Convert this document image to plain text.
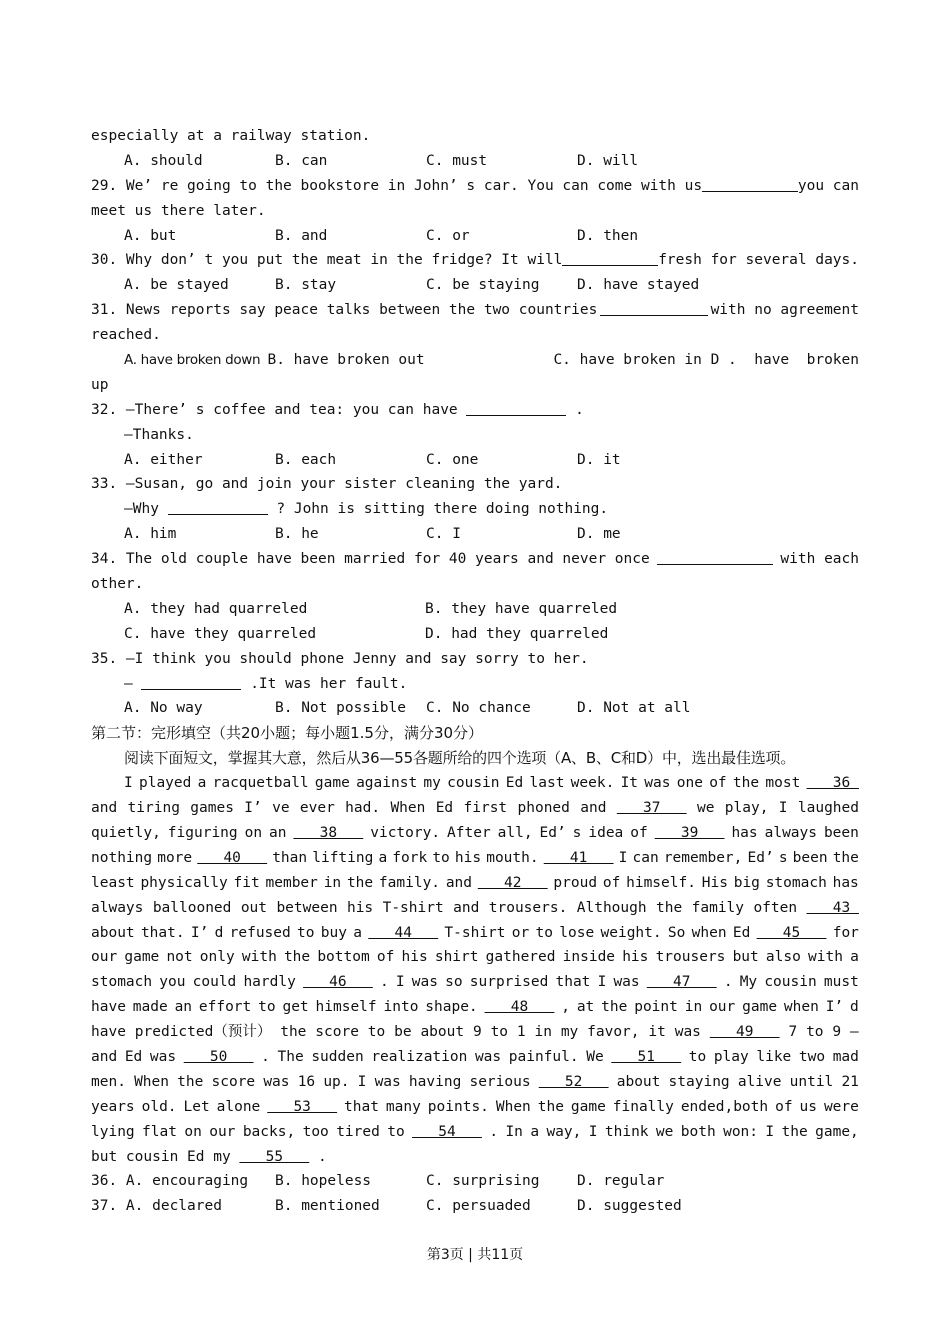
especially at a railway station.
A. should	B. can	C. must	D. will
29. We’ re going to the bookstore in John’ s car. You can come with us	you can
meet us there later.
A. but	B. and	C. or	D. then
30. Why don’ t you put the meat in the fridge? It will	fresh for several days.
A. be stayed	B. stay	C. be staying	D. have stayed
31. News reports say peace talks between the two countries	with no agreement
reached.
A. have broken down B. have broken out	C. have broken in D .  have  broken
up
32. —There’ s coffee and tea: you can have	.
—Thanks.
A. either	B. each	C. one	D. it
33. —Susan, go and join your sister cleaning the yard.
—Why	? John is sitting there doing nothing.
A. him	B. he	C. I	D. me
34. The old couple have been married for 40 years and never once	with each
other.
A. they had quarreled	B. they have quarreled
C. have they quarreled	D. had they quarreled
35. —I think you should phone Jenny and say sorry to her.
—	.It was her fault.
A. No way	B. Not possible	C. No chance	D. Not at all
第二节：完形填空（共20小题；每小题1.5分，满分30分）
阅读下面短文，掌握其大意，然后从36—55各题所给的四个选项（A、B、C和D）中，选出最佳选项。
I played a racquetball game against my cousin Ed last week. It was one of the most 36
and tiring games I’ ve ever had. When Ed first phoned and 37 we play, I laughed
quietly, figuring on an 38 victory. After all, Ed’ s idea of 39 has always been
nothing more 40 than lifting a fork to his mouth. 41 I can remember, Ed’ s been the
least physically fit member in the family. and 42 proud of himself. His big stomach has
always ballooned out between his T-shirt and trousers. Although the family often 43
about that. I’ d refused to buy a 44 T-shirt or to lose weight. So when Ed 45 for
our game not only with the bottom of his shirt gathered inside his trousers but also with a
stomach you could hardly 46 . I was so surprised that I was 47 . My cousin must
have made an effort to get himself into shape. 48 , at the point in our game when I’ d
have predicted（预计） the score to be about 9 to 1 in my favor, it was 49 7 to 9 —
and Ed was 50 . The sudden realization was painful. We 51 to play like two mad
men. When the score was 16 up. I was having serious 52 about staying alive until 21
years old. Let alone 53 that many points. When the game finally ended,both of us were
lying flat on our backs, too tired to 54 . In a way, I think we both won: I the game,
but cousin Ed my    55    .
36. A. encouraging	B. hopeless	C. surprising	D. regular
37. A. declared	B. mentioned	C. persuaded	D. suggested
第3页 | 共11页
